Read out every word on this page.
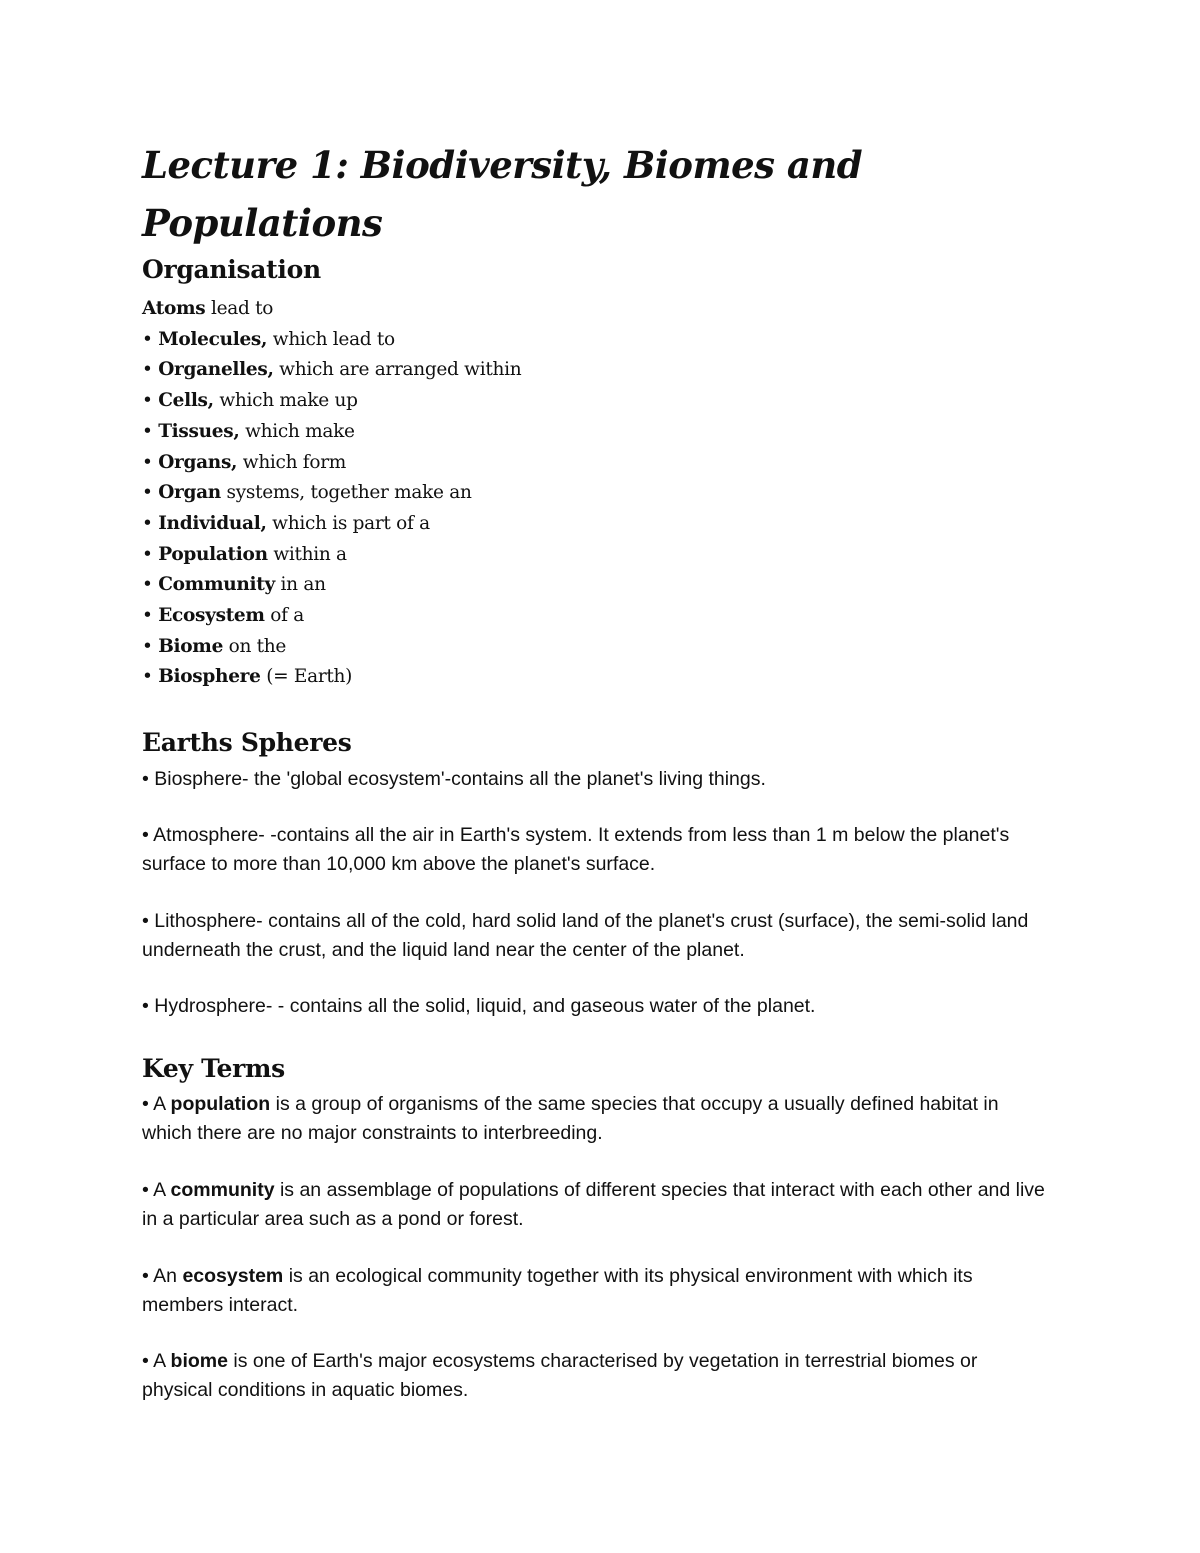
Lecture 1: Biodiversity, Biomes and Populations
Organisation
Atoms lead to
• Molecules, which lead to
• Organelles, which are arranged within
• Cells, which make up
• Tissues, which make
• Organs, which form
• Organ systems, together make an
• Individual, which is part of a
• Population within a
• Community in an
• Ecosystem of a
• Biome on the
• Biosphere (= Earth)
Earths Spheres

• Biosphere- the 'global ecosystem'-contains all the planet's living things.

• Atmosphere- -contains all the air in Earth's system. It extends from less than 1 m below the planet's surface to more than 10,000 km above the planet's surface.

• Lithosphere- contains all of the cold, hard solid land of the planet's crust (surface), the semi-solid land underneath the crust, and the liquid land near the center of the planet.

• Hydrosphere- - contains all the solid, liquid, and gaseous water of the planet.

Key Terms

• A population is a group of organisms of the same species that occupy a usually defined habitat in which there are no major constraints to interbreeding.

• A community is an assemblage of populations of different species that interact with each other and live in a particular area such as a pond or forest.

• An ecosystem is an ecological community together with its physical environment with which its members interact.

• A biome is one of Earth's major ecosystems characterised by vegetation in terrestrial biomes or physical conditions in aquatic biomes.
